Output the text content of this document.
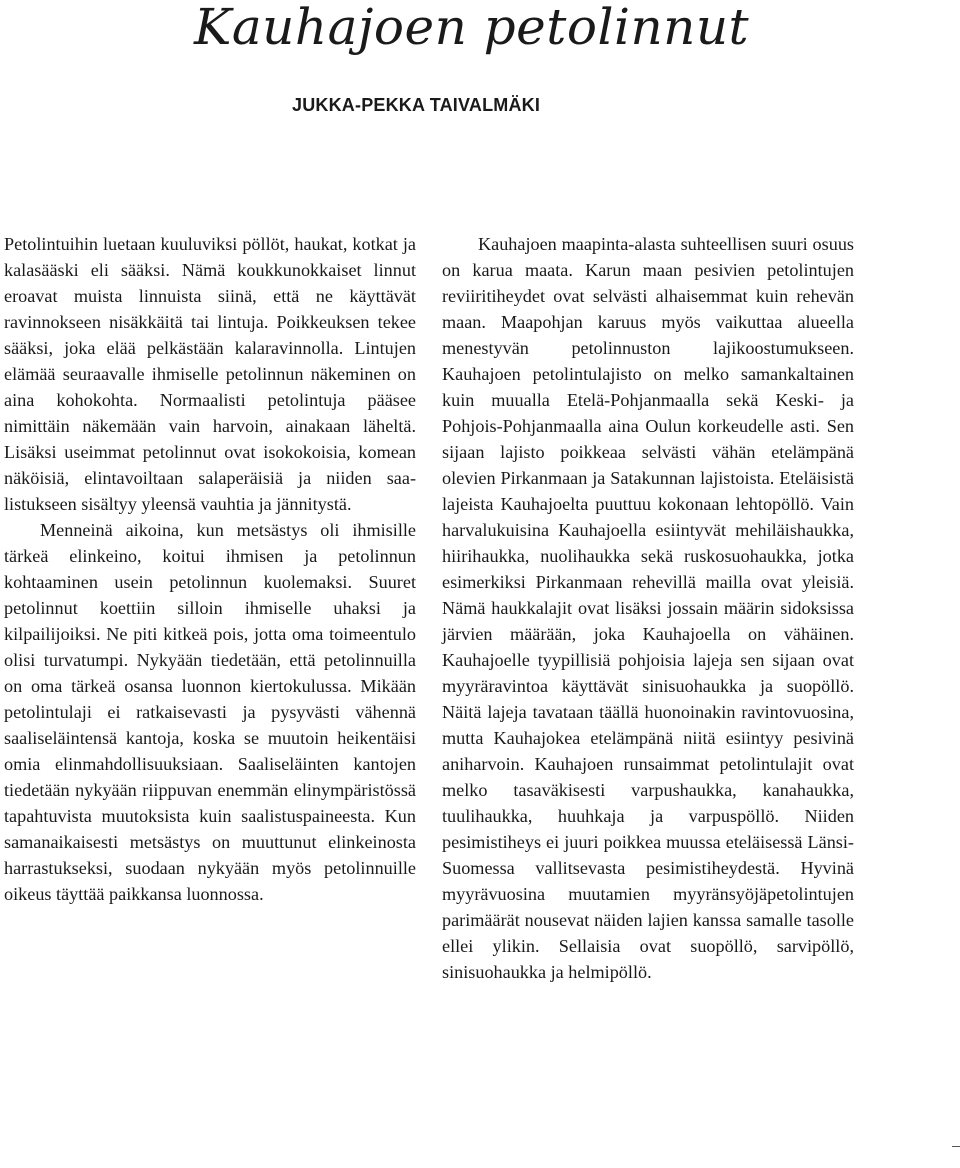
Kauhajoen petolinnut
JUKKA-PEKKA TAIVALMÄKI

Petolintuihin luetaan kuuluviksi pöllöt, haukat, kotkat ja kalasääski eli sääksi. Nämä koukkunokkaiset linnut eroavat muista linnuista siinä, että ne käyttävät ravinnokseen nisäkkäitä tai lintuja. Poikkeuksen tekee sääksi, joka elää pelkästään kalaravinnolla. Lintujen elämää seuraavalle ihmiselle petolinnun näkeminen on aina kohokohta. Normaalisti petolintuja pääsee nimittäin näkemään vain harvoin, ainakaan läheltä. Lisäksi useimmat petolinnut ovat isokokoisia, komean näköisiä, elintavoiltaan salaperäisiä ja niiden saalistukseen sisältyy yleensä vauhtia ja jännitystä.

Menneinä aikoina, kun metsästys oli ihmisille tärkeä elinkeino, koitui ihmisen ja petolinnun kohtaaminen usein petolinnun kuolemaksi. Suuret petolinnut koettiin silloin ihmiselle uhaksi ja kilpailijoiksi. Ne piti kitkeä pois, jotta oma toimeentulo olisi turvatumpi. Nykyään tiedetään, että petolinnuilla on oma tärkeä osansa luonnon kiertokulussa. Mikään petolintulaji ei ratkaisevasti ja pysyvästi vähennä saaliseläintensä kantoja, koska se muutoin heikentäisi omia elinmahdollisuuksiaan. Saaliseläinten kantojen tiedetään nykyään riippuvan enemmän elinympäristössä tapahtuvista muutoksista kuin saalistuspaineesta. Kun samanaikaisesti metsästys on muuttunut elinkeinosta harrastukseksi, suodaan nykyään myös petolinnuille oikeus täyttää paikkansa luonnossa.

Kauhajoen maapinta-alasta suhteellisen suuri osuus on karua maata. Karun maan pesivien petolintujen reviiritiheydet ovat selvästi alhaisemmat kuin rehevän maan. Maapohjan karuus myös vaikuttaa alueella menestyvän petolinnuston lajikoostumukseen. Kauhajoen petolintulajisto on melko samankaltainen kuin muualla Etelä-Pohjanmaalla sekä Keski- ja Pohjois-Pohjanmaalla aina Oulun korkeudelle asti. Sen sijaan lajisto poikkeaa selvästi vähän etelämpänä olevien Pirkanmaan ja Satakunnan lajistoista. Eteläisistä lajeista Kauhajoelta puuttuu kokonaan lehtopöllö. Vain harvalukuisina Kauhajoella esiintyvät mehiläishaukka, hiirihaukka, nuolihaukka sekä ruskosuohaukka, jotka esimerkiksi Pirkanmaan rehevillä mailla ovat yleisiä. Nämä haukkalajit ovat lisäksi jossain määrin sidoksissa järvien määrään, joka Kauhajoella on vähäinen. Kauhajoelle tyypillisiä pohjoisia lajeja sen sijaan ovat myyräravintoa käyttävät sinisuohaukka ja suopöllö. Näitä lajeja tavataan täällä huonoinakin ravintovuosina, mutta Kauhajokea etelämpänä niitä esiintyy pesivinä aniharvoin. Kauhajoen runsaimmat petolintulajit ovat melko tasaväkisesti varpushaukka, kanahaukka, tuulihaukka, huuhkaja ja varpuspöllö. Niiden pesimistiheys ei juuri poikkea muussa eteläisessä Länsi-Suomessa vallitsevasta pesimistiheydestä. Hyvinä myyrävuosina muutamien myyränsyöjäpetolintujen parimäärät nousevat näiden lajien kanssa samalle tasolle ellei ylikin. Sellaisia ovat suopöllö, sarvipöllö, sinisuohaukka ja helmipöllö.
